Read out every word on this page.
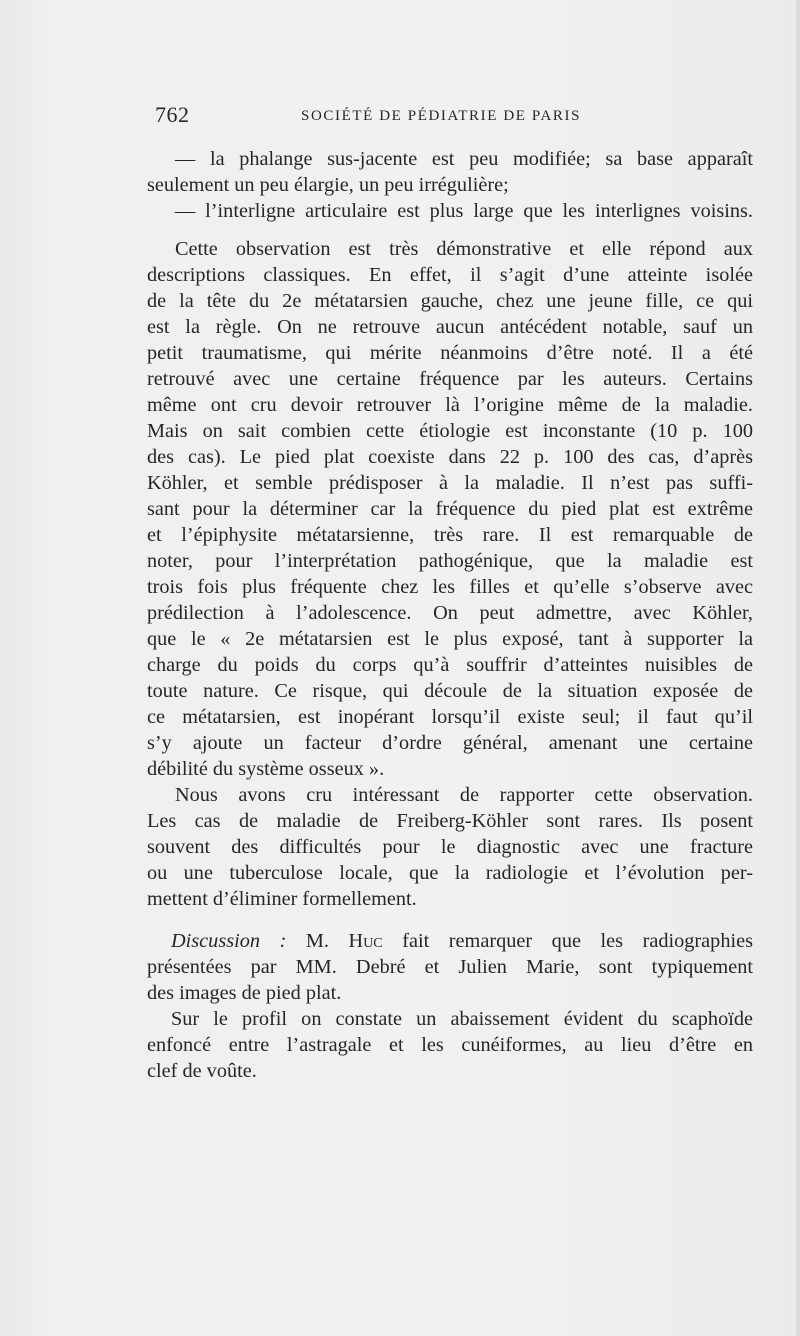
762	SOCIÉTÉ DE PÉDIATRIE DE PARIS
— la phalange sus-jacente est peu modifiée; sa base apparaît
seulement un peu élargie, un peu irrégulière;
— l’interligne articulaire est plus large que les interlignes voisins.
Cette observation est très démonstrative et elle répond aux
descriptions classiques. En effet, il s’agit d’une atteinte isolée
de la tête du 2e métatarsien gauche, chez une jeune fille, ce qui
est la règle. On ne retrouve aucun antécédent notable, sauf un
petit traumatisme, qui mérite néanmoins d’être noté. Il a été
retrouvé avec une certaine fréquence par les auteurs. Certains
même ont cru devoir retrouver là l’origine même de la maladie.
Mais on sait combien cette étiologie est inconstante (10 p. 100
des cas). Le pied plat coexiste dans 22 p. 100 des cas, d’après
Köhler, et semble prédisposer à la maladie. Il n’est pas suffi-
sant pour la déterminer car la fréquence du pied plat est extrême
et l’épiphysite métatarsienne, très rare. Il est remarquable de
noter, pour l’interprétation pathogénique, que la maladie est
trois fois plus fréquente chez les filles et qu’elle s’observe avec
prédilection à l’adolescence. On peut admettre, avec Köhler,
que le « 2e métatarsien est le plus exposé, tant à supporter la
charge du poids du corps qu’à souffrir d’atteintes nuisibles de
toute nature. Ce risque, qui découle de la situation exposée de
ce métatarsien, est inopérant lorsqu’il existe seul; il faut qu’il
s’y ajoute un facteur d’ordre général, amenant une certaine
débilité du système osseux ».
Nous avons cru intéressant de rapporter cette observation.
Les cas de maladie de Freiberg-Köhler sont rares. Ils posent
souvent des difficultés pour le diagnostic avec une fracture
ou une tuberculose locale, que la radiologie et l’évolution per-
mettent d’éliminer formellement.
Discussion : M. Huc fait remarquer que les radiographies
présentées par MM. Debré et Julien Marie, sont typiquement
des images de pied plat.
Sur le profil on constate un abaissement évident du scaphoïde
enfoncé entre l’astragale et les cunéiformes, au lieu d’être en
clef de voûte.
